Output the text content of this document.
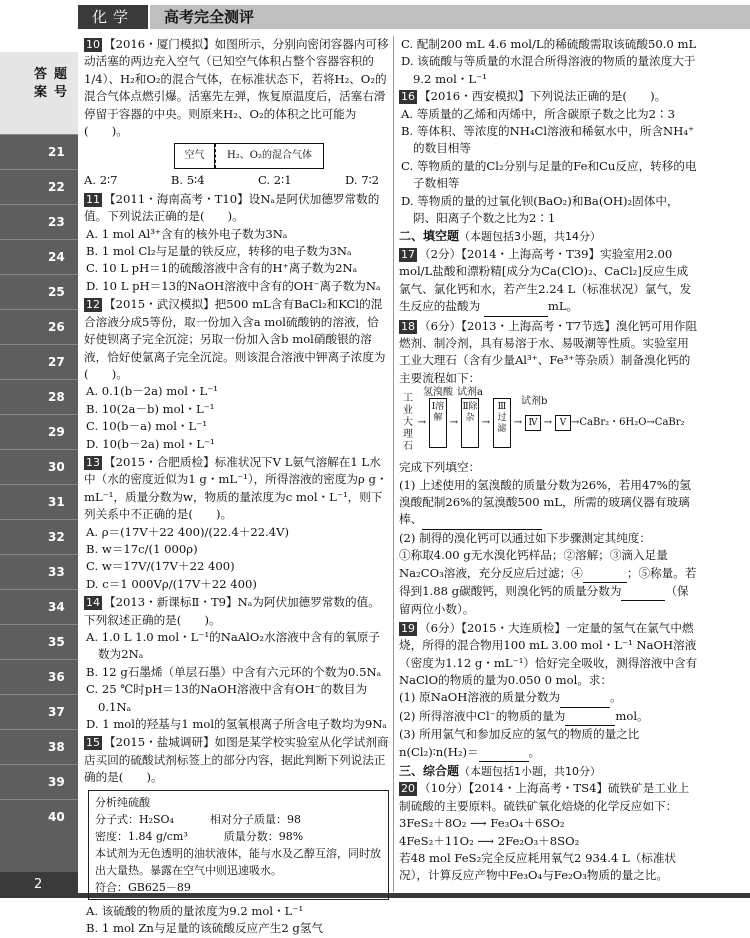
化学	高考完全测评
答案
题号
21
22
23
24
25
26
27
28
29
30
31
32
33
34
35
36
37
38
39
40
2
10 【2016・厦门模拟】如图所示，分别向密闭容器内可移动活塞的两边充入空气（已知空气体积占整个容器容积的1/4）、H₂和O₂的混合气体，在标准状态下，若将H₂、O₂的混合气体点燃引爆。活塞先左弹，恢复原温度后，活塞右滑停留于容器的中央。则原来H₂、O₂的体积之比可能为(　　)。
空气	H₂、O₂的混合气体
A. 2∶7	B. 5∶4	C. 2∶1	D. 7∶2
11 【2011・海南高考・T10】设Nₐ是阿伏加德罗常数的值。下列说法正确的是(　　)。
A. 1 mol Al³⁺含有的核外电子数为3Nₐ
B. 1 mol Cl₂与足量的铁反应，转移的电子数为3Nₐ
C. 10 L pH＝1的硫酸溶液中含有的H⁺离子数为2Nₐ
D. 10 L pH＝13的NaOH溶液中含有的OH⁻离子数为Nₐ
12 【2015・武汉模拟】把500 mL含有BaCl₂和KCl的混合溶液分成5等份，取一份加入含a mol硫酸钠的溶液，恰好使钡离子完全沉淀；另取一份加入含b mol硝酸银的溶液，恰好使氯离子完全沉淀。则该混合溶液中钾离子浓度为(　　)。
A. 0.1(b－2a) mol・L⁻¹
B. 10(2a－b) mol・L⁻¹
C. 10(b－a) mol・L⁻¹
D. 10(b－2a) mol・L⁻¹
13 【2015・合肥质检】标准状况下V L氨气溶解在1 L水中（水的密度近似为1 g・mL⁻¹），所得溶液的密度为ρ g・mL⁻¹，质量分数为w，物质的量浓度为c mol・L⁻¹，则下列关系中不正确的是(　　)。
A. ρ＝(17V＋22 400)/(22.4＋22.4V)
B. w＝17c/(1 000ρ)
C. w＝17V/(17V＋22 400)
D. c＝1 000Vρ/(17V＋22 400)
14 【2013・新课标Ⅱ・T9】Nₐ为阿伏加德罗常数的值。下列叙述正确的是(　　)。
A. 1.0 L 1.0 mol・L⁻¹的NaAlO₂水溶液中含有的氧原子数为2Nₐ
B. 12 g石墨烯（单层石墨）中含有六元环的个数为0.5Nₐ
C. 25 ℃时pH＝13的NaOH溶液中含有OH⁻的数目为0.1Nₐ
D. 1 mol的羟基与1 mol的氢氧根离子所含电子数均为9Nₐ
15 【2015・盐城调研】如图是某学校实验室从化学试剂商店买回的硫酸试剂标签上的部分内容，据此判断下列说法正确的是(　　)。
分析纯硫酸
分子式：H₂SO₄	相对分子质量：98
密度：1.84 g/cm³	质量分数：98%
本试剂为无色透明的油状液体，能与水及乙醇互溶，同时放出大量热。暴露在空气中则迅速吸水。
符合：GB625－89
A. 该硫酸的物质的量浓度为9.2 mol・L⁻¹
B. 1 mol Zn与足量的该硫酸反应产生2 g氢气
C. 配制200 mL 4.6 mol/L的稀硫酸需取该硫酸50.0 mL
D. 该硫酸与等质量的水混合所得溶液的物质的量浓度大于9.2 mol・L⁻¹
16 【2016・西安模拟】下列说法正确的是(　　)。
A. 等质量的乙烯和丙烯中，所含碳原子数之比为2∶3
B. 等体积、等浓度的NH₄Cl溶液和稀氨水中，所含NH₄⁺的数目相等
C. 等物质的量的Cl₂分别与足量的Fe和Cu反应，转移的电子数相等
D. 等物质的量的过氧化钡(BaO₂)和Ba(OH)₂固体中，阴、阳离子个数之比为2∶1
二、填空题（本题包括3小题，共14分）
17 （2分）【2014・上海高考・T39】实验室用2.00 mol/L盐酸和漂粉精[成分为Ca(ClO)₂、CaCl₂]反应生成氯气、氯化钙和水，若产生2.24 L（标准状况）氯气，发生反应的盐酸为	mL。
18 （6分）【2013・上海高考・T7节选】溴化钙可用作阻燃剂、制冷剂，具有易溶于水、易吸潮等性质。实验室用工业大理石（含有少量Al³⁺、Fe³⁺等杂质）制备溴化钙的主要流程如下：
工业大理石
→
氢溴酸
Ⅰ溶解 →
试剂a
Ⅱ除杂 →
Ⅲ过滤
→
试剂b
Ⅳ → Ⅴ →CaBr₂・6H₂O→CaBr₂
完成下列填空：
(1) 上述使用的氢溴酸的质量分数为26%，若用47%的氢溴酸配制26%的氢溴酸500 mL，所需的玻璃仪器有玻璃棒、
(2) 制得的溴化钙可以通过如下步骤测定其纯度：
①称取4.00 g无水溴化钙样品；②溶解；③滴入足量Na₂CO₃溶液，充分反应后过滤；④	；⑤称量。若得到1.88 g碳酸钙，则溴化钙的质量分数为	（保留两位小数）。
19 （6分）【2015・大连质检】一定量的氢气在氯气中燃烧，所得的混合物用100 mL 3.00 mol・L⁻¹ NaOH溶液（密度为1.12 g・mL⁻¹）恰好完全吸收，测得溶液中含有NaClO的物质的量为0.050 0 mol。求：
(1) 原NaOH溶液的质量分数为	。
(2) 所得溶液中Cl⁻的物质的量为	mol。
(3) 所用氯气和参加反应的氢气的物质的量之比n(Cl₂)∶n(H₂)＝	。
三、综合题（本题包括1小题，共10分）
20 （10分）【2014・上海高考・TS4】硫铁矿是工业上制硫酸的主要原料。硫铁矿氧化焙烧的化学反应如下：
3FeS₂＋8O₂ ⟶ Fe₃O₄＋6SO₂
4FeS₂＋11O₂ ⟶ 2Fe₂O₃＋8SO₂
若48 mol FeS₂完全反应耗用氧气2 934.4 L（标准状况），计算反应产物中Fe₃O₄与Fe₂O₃物质的量之比。
